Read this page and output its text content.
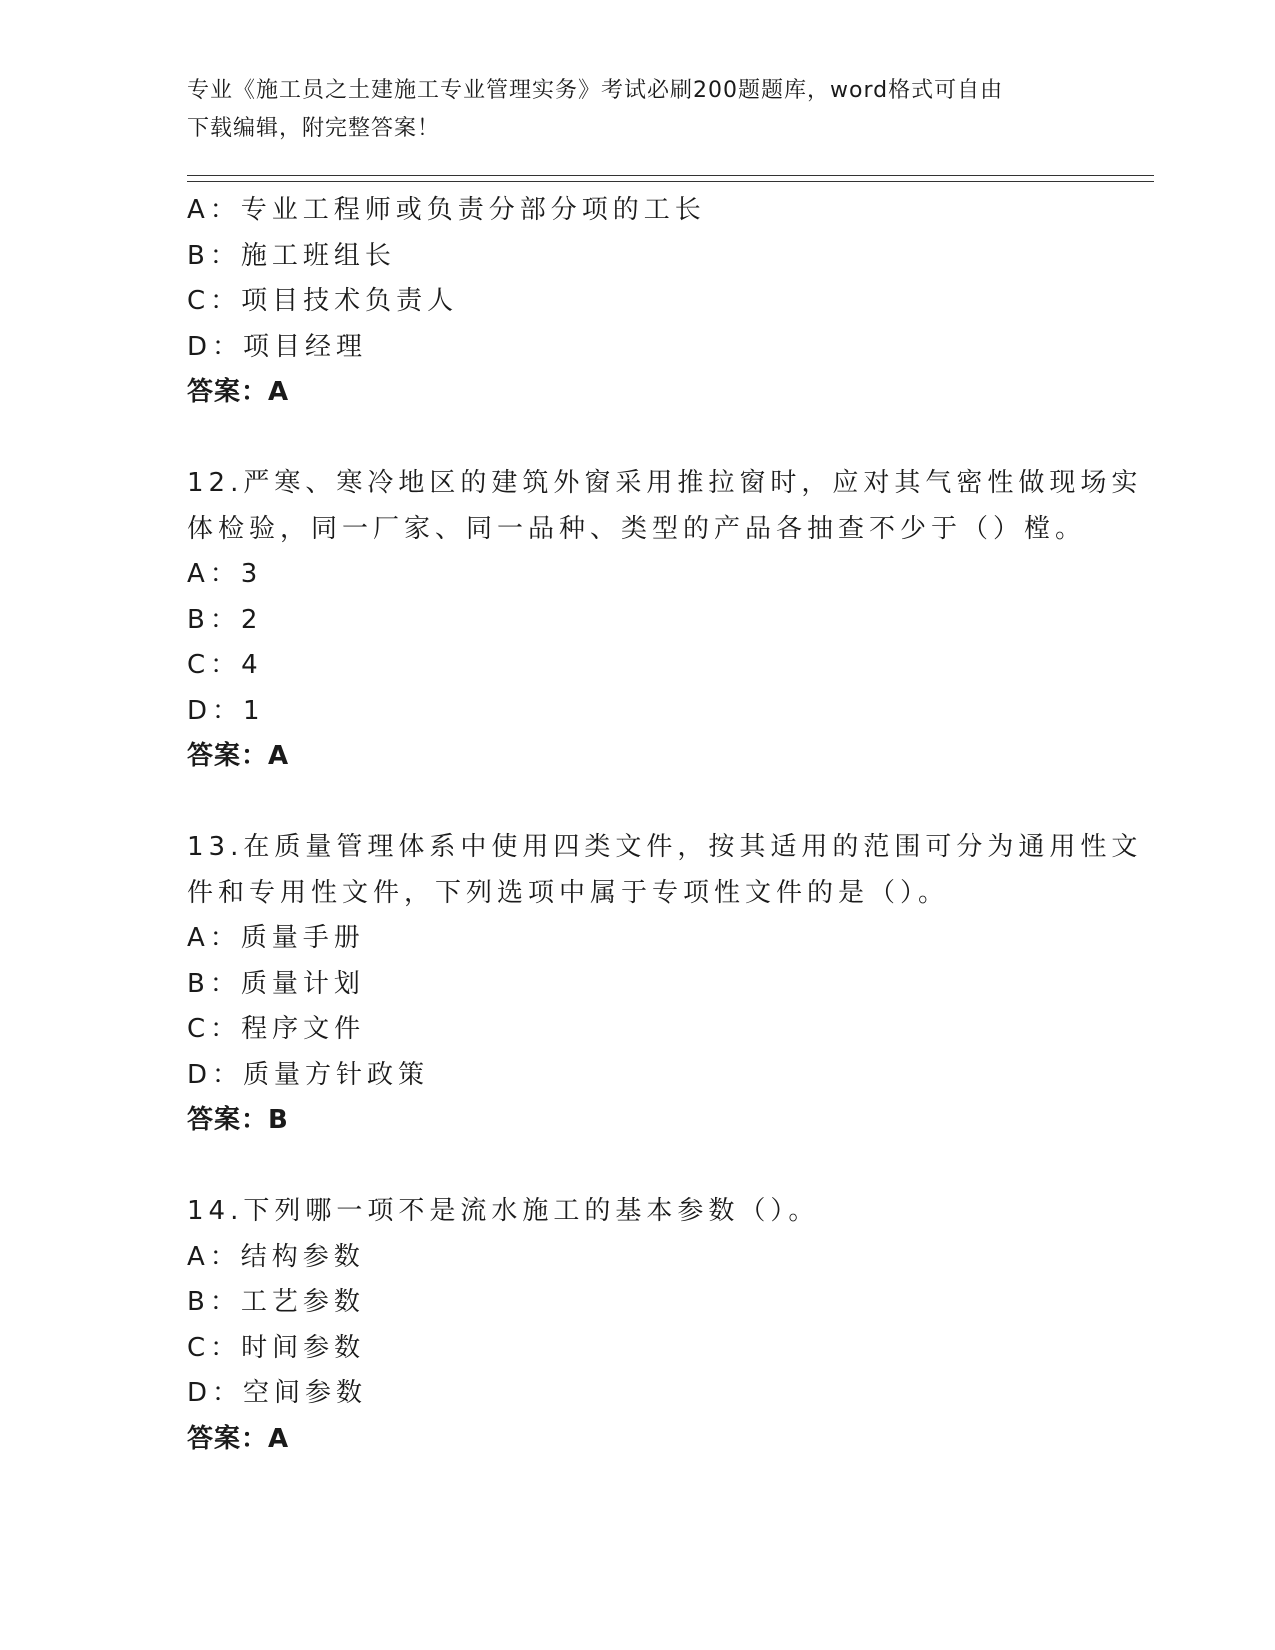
专业《施工员之土建施工专业管理实务》考试必刷200题题库，word格式可自由
下载编辑，附完整答案！
A：专业工程师或负责分部分项的工长
B：施工班组长
C：项目技术负责人
D：项目经理
答案：A
12.严寒、寒冷地区的建筑外窗采用推拉窗时，应对其气密性做现场实
体检验，同一厂家、同一品种、类型的产品各抽查不少于（）樘。
A：3
B：2
C：4
D：1
答案：A
13.在质量管理体系中使用四类文件，按其适用的范围可分为通用性文
件和专用性文件，下列选项中属于专项性文件的是（）。
A：质量手册
B：质量计划
C：程序文件
D：质量方针政策
答案：B
14.下列哪一项不是流水施工的基本参数（）。
A：结构参数
B：工艺参数
C：时间参数
D：空间参数
答案：A
